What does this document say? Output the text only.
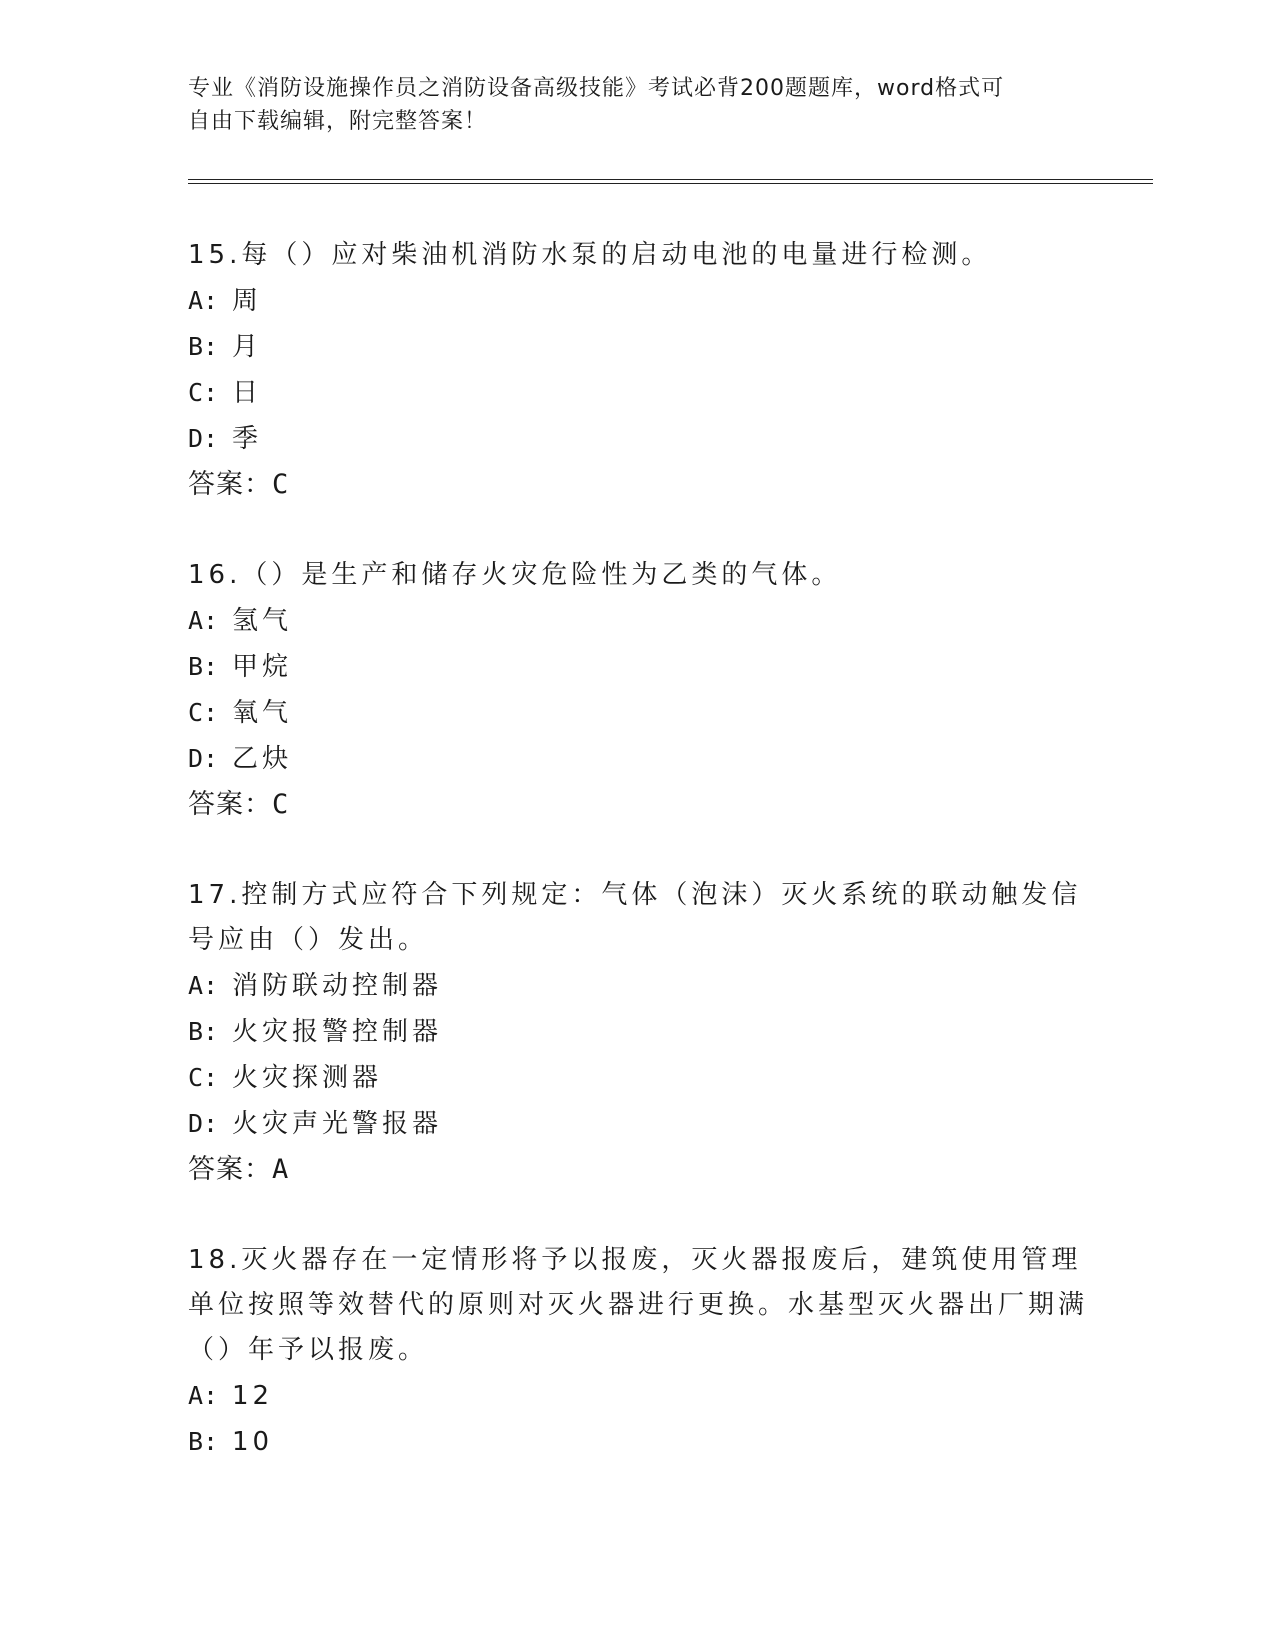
专业《消防设施操作员之消防设备高级技能》考试必背200题题库，word格式可
自由下载编辑，附完整答案！

15.每（）应对柴油机消防水泵的启动电池的电量进行检测。

A: 周

B: 月

C: 日

D: 季

答案：C

16.（）是生产和储存火灾危险性为乙类的气体。

A: 氢气

B: 甲烷

C: 氧气

D: 乙炔

答案：C

17.控制方式应符合下列规定：气体（泡沫）灭火系统的联动触发信号应由（）发出。

A: 消防联动控制器

B: 火灾报警控制器

C: 火灾探测器

D: 火灾声光警报器

答案：A

18.灭火器存在一定情形将予以报废，灭火器报废后，建筑使用管理单位按照等效替代的原则对灭火器进行更换。水基型灭火器出厂期满（）年予以报废。

A: 12

B: 10
